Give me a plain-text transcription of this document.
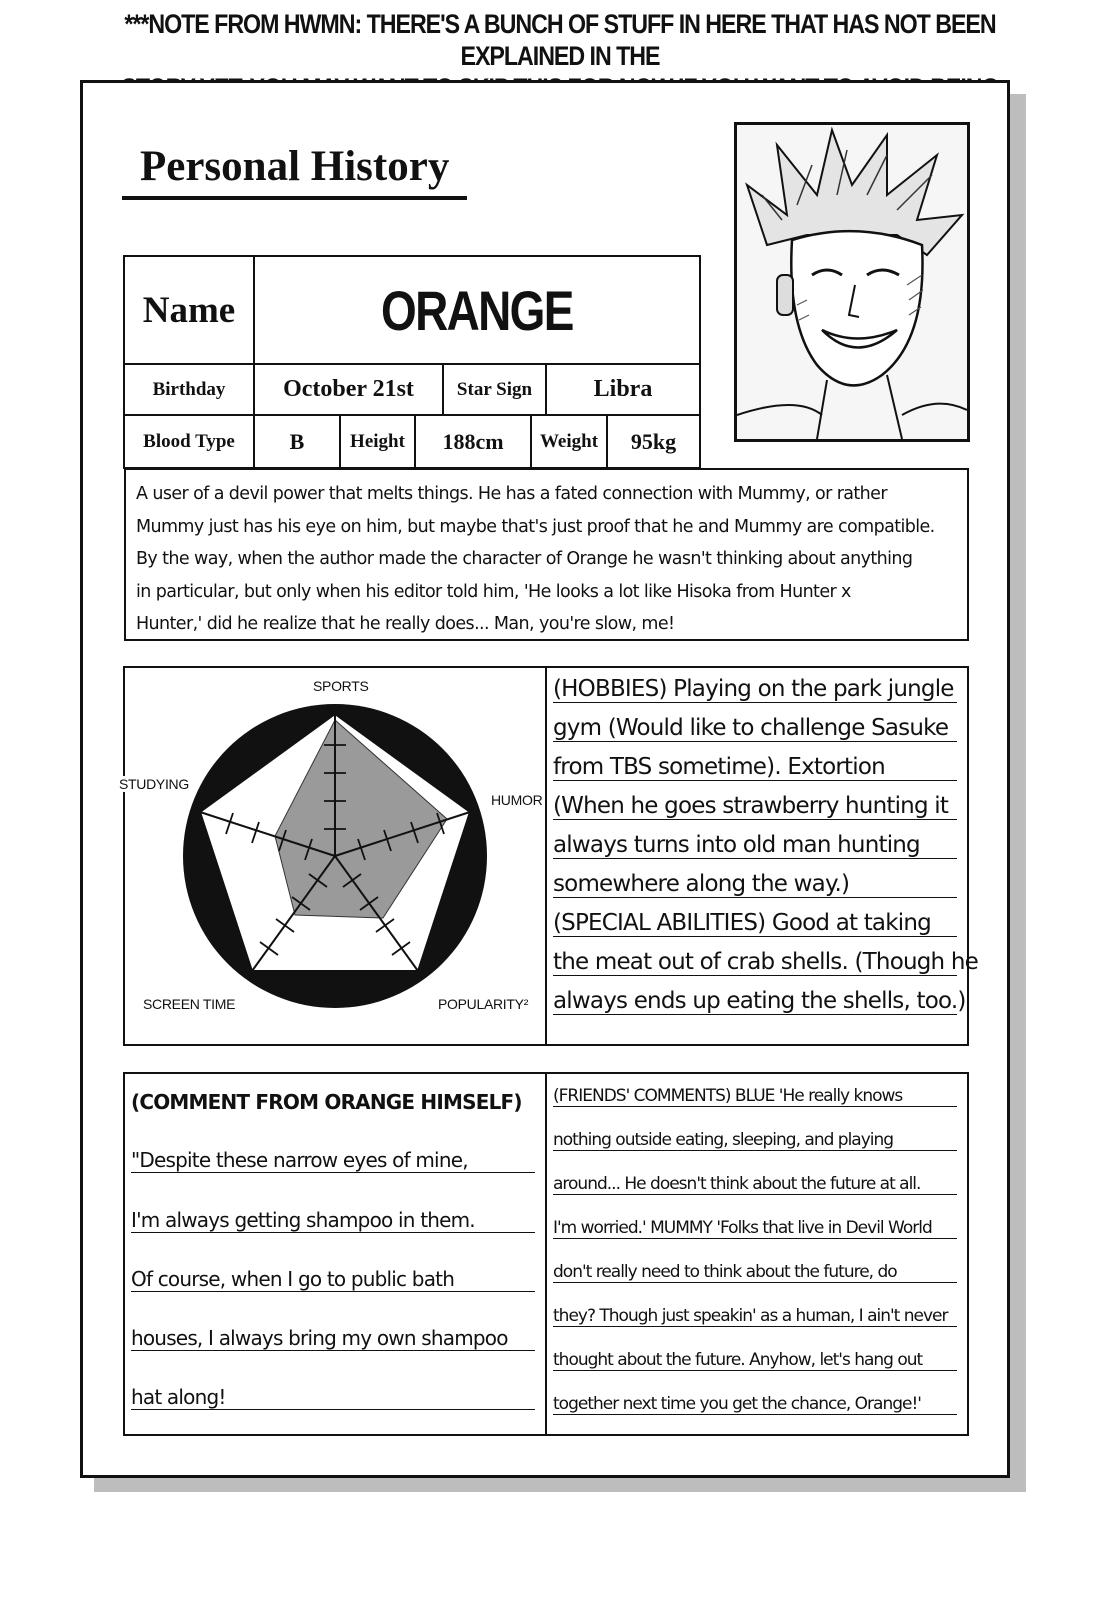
***NOTE FROM HWMN: THERE'S A BUNCH OF STUFF IN HERE THAT HAS NOT BEEN EXPLAINED IN THE
Personal History
Name	ORANGE
Birthday	October 21st	Star Sign	Libra
Blood Type	B	Height	188cm	Weight	95kg
A user of a devil power that melts things. He has a fated connection with Mummy, or rather
Mummy just has his eye on him, but maybe that's just proof that he and Mummy are compatible.
By the way, when the author made the character of Orange he wasn't thinking about anything
in particular, but only when his editor told him, 'He looks a lot like Hisoka from Hunter x
Hunter,' did he realize that he really does... Man, you're slow, me!
SPORTS
HUMOR
POPULARITY²
SCREEN TIME
STUDYING
(HOBBIES) Playing on the park jungle
gym (Would like to challenge Sasuke
from TBS sometime). Extortion
(When he goes strawberry hunting it
always turns into old man hunting
somewhere along the way.)
(SPECIAL ABILITIES) Good at taking
the meat out of crab shells. (Though he
always ends up eating the shells, too.)
(COMMENT FROM ORANGE HIMSELF)
"Despite these narrow eyes of mine,
I'm always getting shampoo in them.
Of course, when I go to public bath
houses, I always bring my own shampoo
hat along!
(FRIENDS' COMMENTS) BLUE 'He really knows
nothing outside eating, sleeping, and playing
around... He doesn't think about the future at all.
I'm worried.' MUMMY 'Folks that live in Devil World
don't really need to think about the future, do
they? Though just speakin' as a human, I ain't never
thought about the future. Anyhow, let's hang out
together next time you get the chance, Orange!'
